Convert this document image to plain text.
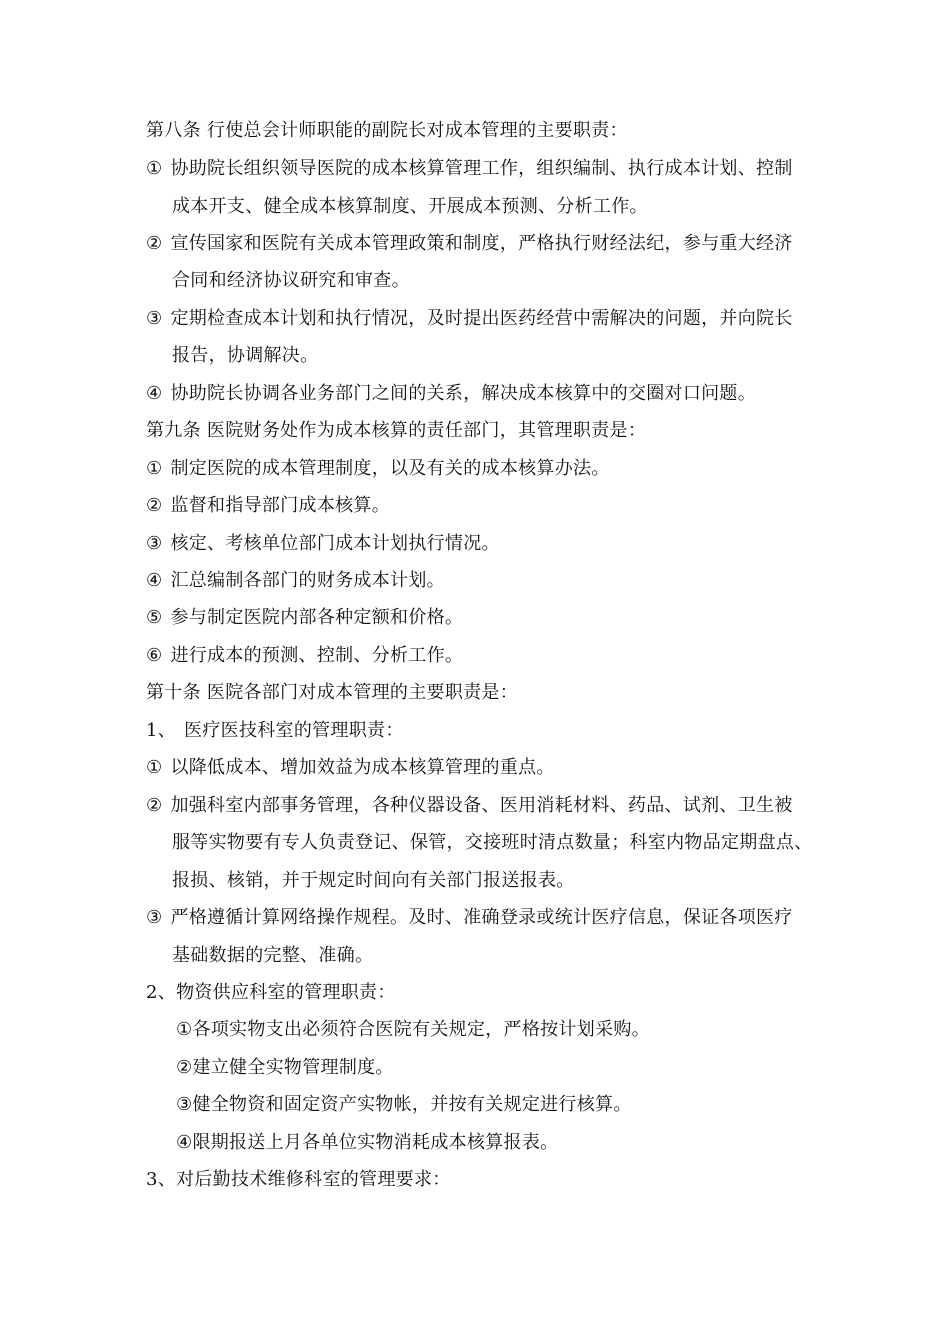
第八条 行使总会计师职能的副院长对成本管理的主要职责：
① 协助院长组织领导医院的成本核算管理工作，组织编制、执行成本计划、控制
成本开支、健全成本核算制度、开展成本预测、分析工作。
② 宣传国家和医院有关成本管理政策和制度，严格执行财经法纪，参与重大经济
合同和经济协议研究和审查。
③ 定期检查成本计划和执行情况，及时提出医药经营中需解决的问题，并向院长
报告，协调解决。
④ 协助院长协调各业务部门之间的关系，解决成本核算中的交圈对口问题。
第九条 医院财务处作为成本核算的责任部门，其管理职责是：
① 制定医院的成本管理制度，以及有关的成本核算办法。
② 监督和指导部门成本核算。
③ 核定、考核单位部门成本计划执行情况。
④ 汇总编制各部门的财务成本计划。
⑤ 参与制定医院内部各种定额和价格。
⑥ 进行成本的预测、控制、分析工作。
第十条 医院各部门对成本管理的主要职责是：
1、 医疗医技科室的管理职责：
① 以降低成本、增加效益为成本核算管理的重点。
② 加强科室内部事务管理，各种仪器设备、医用消耗材料、药品、试剂、卫生被
服等实物要有专人负责登记、保管，交接班时清点数量；科室内物品定期盘点、
报损、核销，并于规定时间向有关部门报送报表。
③ 严格遵循计算网络操作规程。及时、准确登录或统计医疗信息，保证各项医疗
基础数据的完整、准确。
2、物资供应科室的管理职责：
①各项实物支出必须符合医院有关规定，严格按计划采购。
②建立健全实物管理制度。
③健全物资和固定资产实物帐，并按有关规定进行核算。
④限期报送上月各单位实物消耗成本核算报表。
3、对后勤技术维修科室的管理要求：
